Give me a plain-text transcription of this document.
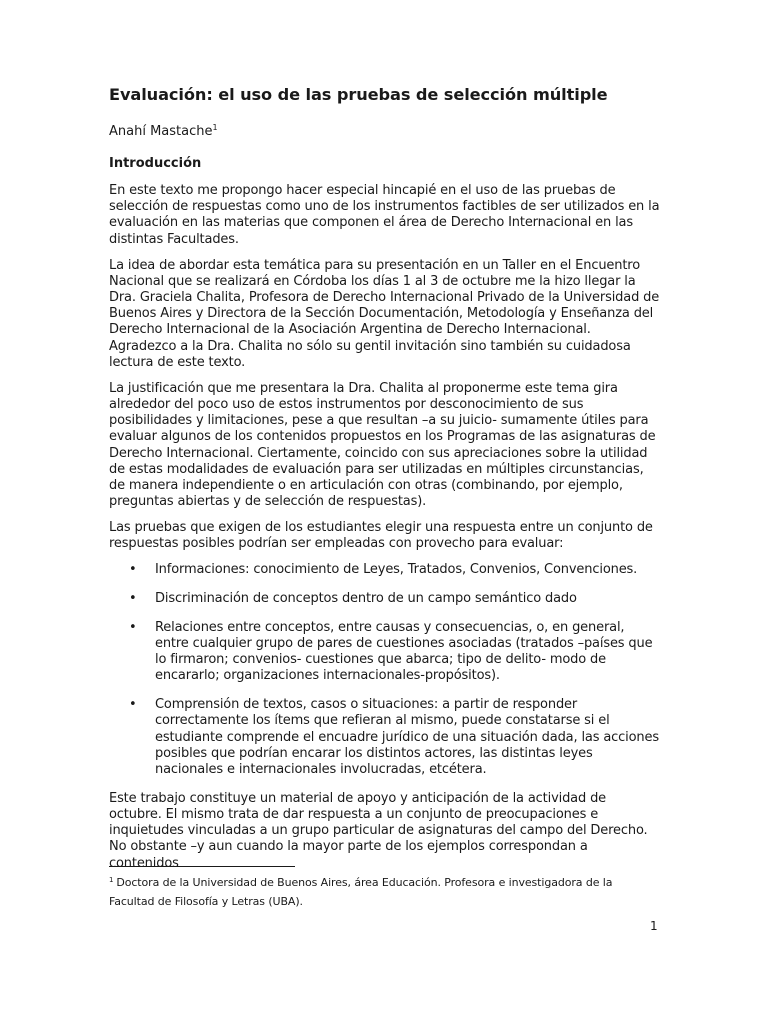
Evaluación: el uso de las pruebas de selección múltiple
Anahí Mastache$^1$
Introducción

En este texto me propongo hacer especial hincapié en el uso de las pruebas de selección de respuestas como uno de los instrumentos factibles de ser utilizados en la evaluación en las materias que componen el área de Derecho Internacional en las distintas Facultades.

La idea de abordar esta temática para su presentación en un Taller en el Encuentro Nacional que se realizará en Córdoba los días 1 al 3 de octubre me la hizo llegar la Dra. Graciela Chalita, Profesora de Derecho Internacional Privado de la Universidad de Buenos Aires y Directora de la Sección Documentación, Metodología y Enseñanza del Derecho Internacional de la Asociación Argentina de Derecho Internacional. Agradezco a la Dra. Chalita no sólo su gentil invitación sino también su cuidadosa lectura de este texto.

La justificación que me presentara la Dra. Chalita al proponerme este tema gira alrededor del poco uso de estos instrumentos por desconocimiento de sus posibilidades y limitaciones, pese a que resultan –a su juicio- sumamente útiles para evaluar algunos de los contenidos propuestos en los Programas de las asignaturas de Derecho Internacional. Ciertamente, coincido con sus apreciaciones sobre la utilidad de estas modalidades de evaluación para ser utilizadas en múltiples circunstancias, de manera independiente o en articulación con otras (combinando, por ejemplo, preguntas abiertas y de selección de respuestas).

Las pruebas que exigen de los estudiantes elegir una respuesta entre un conjunto de respuestas posibles podrían ser empleadas con provecho para evaluar:

• Informaciones: conocimiento de Leyes, Tratados, Convenios, Convenciones.
• Discriminación de conceptos dentro de un campo semántico dado
• Relaciones entre conceptos, entre causas y consecuencias, o, en general, entre cualquier grupo de pares de cuestiones asociadas (tratados –países que lo firmaron; convenios- cuestiones que abarca; tipo de delito- modo de encararlo; organizaciones internacionales-propósitos).
• Comprensión de textos, casos o situaciones: a partir de responder correctamente los ítems que refieran al mismo, puede constatarse si el estudiante comprende el encuadre jurídico de una situación dada, las acciones posibles que podrían encarar los distintos actores, las distintas leyes nacionales e internacionales involucradas, etcétera.

Este trabajo constituye un material de apoyo y anticipación de la actividad de octubre. El mismo trata de dar respuesta a un conjunto de preocupaciones e inquietudes vinculadas a un grupo particular de asignaturas del campo del Derecho. No obstante –y aun cuando la mayor parte de los ejemplos correspondan a contenidos

$^1$ Doctora de la Universidad de Buenos Aires, área Educación. Profesora e investigadora de la Facultad de Filosofía y Letras (UBA).
1
